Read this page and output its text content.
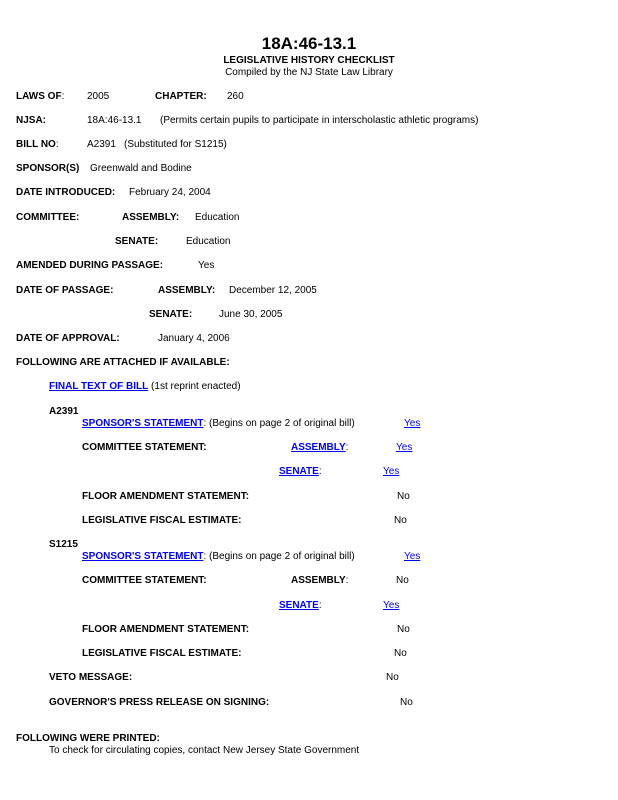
18A:46-13.1
LEGISLATIVE HISTORY CHECKLIST
Compiled by the NJ State Law Library
LAWS OF: 2005	CHAPTER: 260
NJSA:	18A:46-13.1 (Permits certain pupils to participate in interscholastic athletic programs)
BILL NO:	A2391 (Substituted for S1215)
SPONSOR(S) Greenwald and Bodine
DATE INTRODUCED: February 24, 2004
COMMITTEE:	ASSEMBLY: Education
SENATE:	Education
AMENDED DURING PASSAGE:	Yes
DATE OF PASSAGE:	ASSEMBLY: December 12, 2005
SENATE:	June 30, 2005
DATE OF APPROVAL:	January 4, 2006
FOLLOWING ARE ATTACHED IF AVAILABLE:
FINAL TEXT OF BILL (1st reprint enacted)
A2391
SPONSOR'S STATEMENT: (Begins on page 2 of original bill)	Yes
COMMITTEE STATEMENT:	ASSEMBLY:	Yes
SENATE:	Yes
FLOOR AMENDMENT STATEMENT:	No
LEGISLATIVE FISCAL ESTIMATE:	No
S1215
SPONSOR'S STATEMENT: (Begins on page 2 of original bill)	Yes
COMMITTEE STATEMENT:	ASSEMBLY:	No
SENATE:	Yes
FLOOR AMENDMENT STATEMENT:	No
LEGISLATIVE FISCAL ESTIMATE:	No
VETO MESSAGE:	No
GOVERNOR'S PRESS RELEASE ON SIGNING:	No
FOLLOWING WERE PRINTED:
To check for circulating copies, contact New Jersey State Government
